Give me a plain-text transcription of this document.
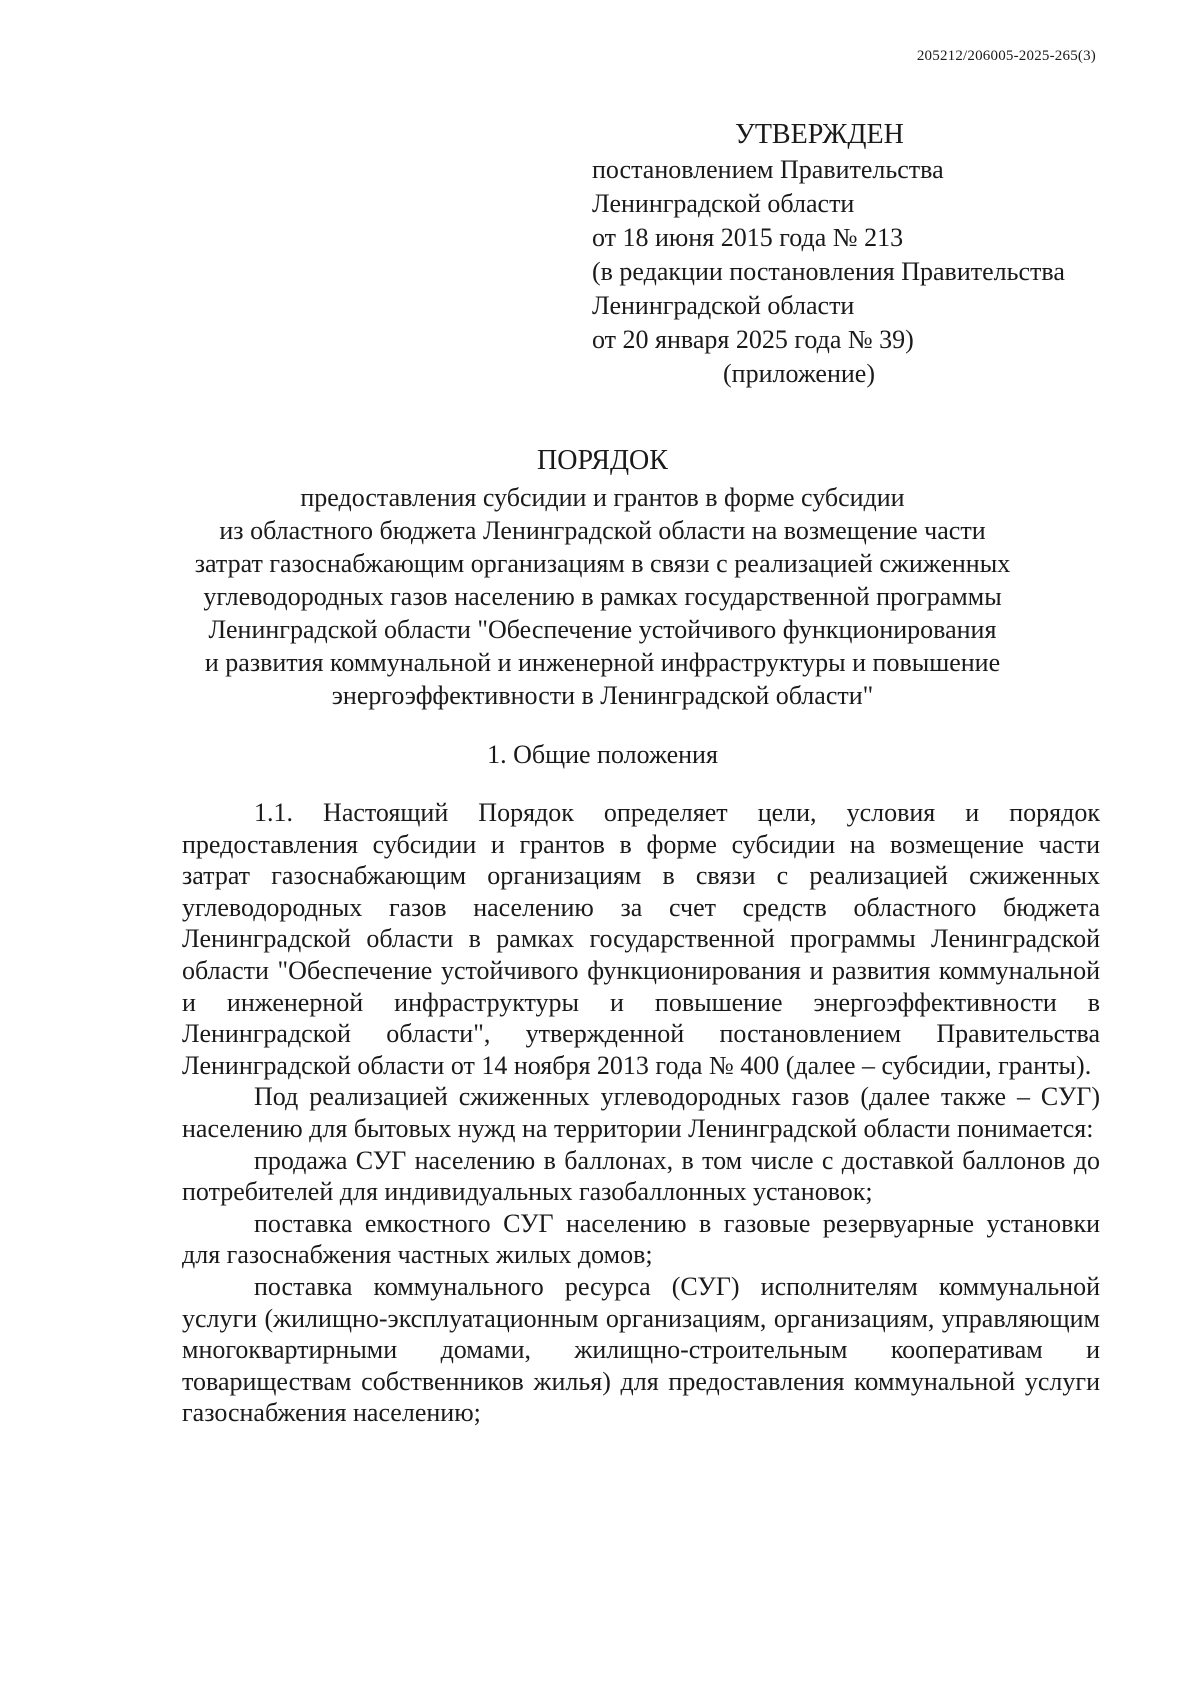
205212/206005-2025-265(3)
УТВЕРЖДЕН
постановлением Правительства
Ленинградской области
от 18 июня 2015 года № 213
(в редакции постановления Правительства
Ленинградской области
от 20 января 2025 года № 39)
(приложение)
ПОРЯДОК
предоставления субсидии и грантов в форме субсидии
из областного бюджета Ленинградской области на возмещение части
затрат газоснабжающим организациям в связи с реализацией сжиженных
углеводородных газов населению в рамках государственной программы
Ленинградской области "Обеспечение устойчивого функционирования
и развития коммунальной и инженерной инфраструктуры и повышение
энергоэффективности в Ленинградской области"
1. Общие положения

1.1. Настоящий Порядок определяет цели, условия и порядок предоставления субсидии и грантов в форме субсидии на возмещение части затрат газоснабжающим организациям в связи с реализацией сжиженных углеводородных газов населению за счет средств областного бюджета Ленинградской области в рамках государственной программы Ленинградской области "Обеспечение устойчивого функционирования и развития коммунальной и инженерной инфраструктуры и повышение энергоэффективности в Ленинградской области", утвержденной постановлением Правительства Ленинградской области от 14 ноября 2013 года № 400 (далее – субсидии, гранты).

Под реализацией сжиженных углеводородных газов (далее также – СУГ) населению для бытовых нужд на территории Ленинградской области понимается:

продажа СУГ населению в баллонах, в том числе с доставкой баллонов до потребителей для индивидуальных газобаллонных установок;

поставка емкостного СУГ населению в газовые резервуарные установки для газоснабжения частных жилых домов;

поставка коммунального ресурса (СУГ) исполнителям коммунальной услуги (жилищно-эксплуатационным организациям, организациям, управляющим многоквартирными домами, жилищно-строительным кооперативам и товариществам собственников жилья) для предоставления коммунальной услуги газоснабжения населению;
